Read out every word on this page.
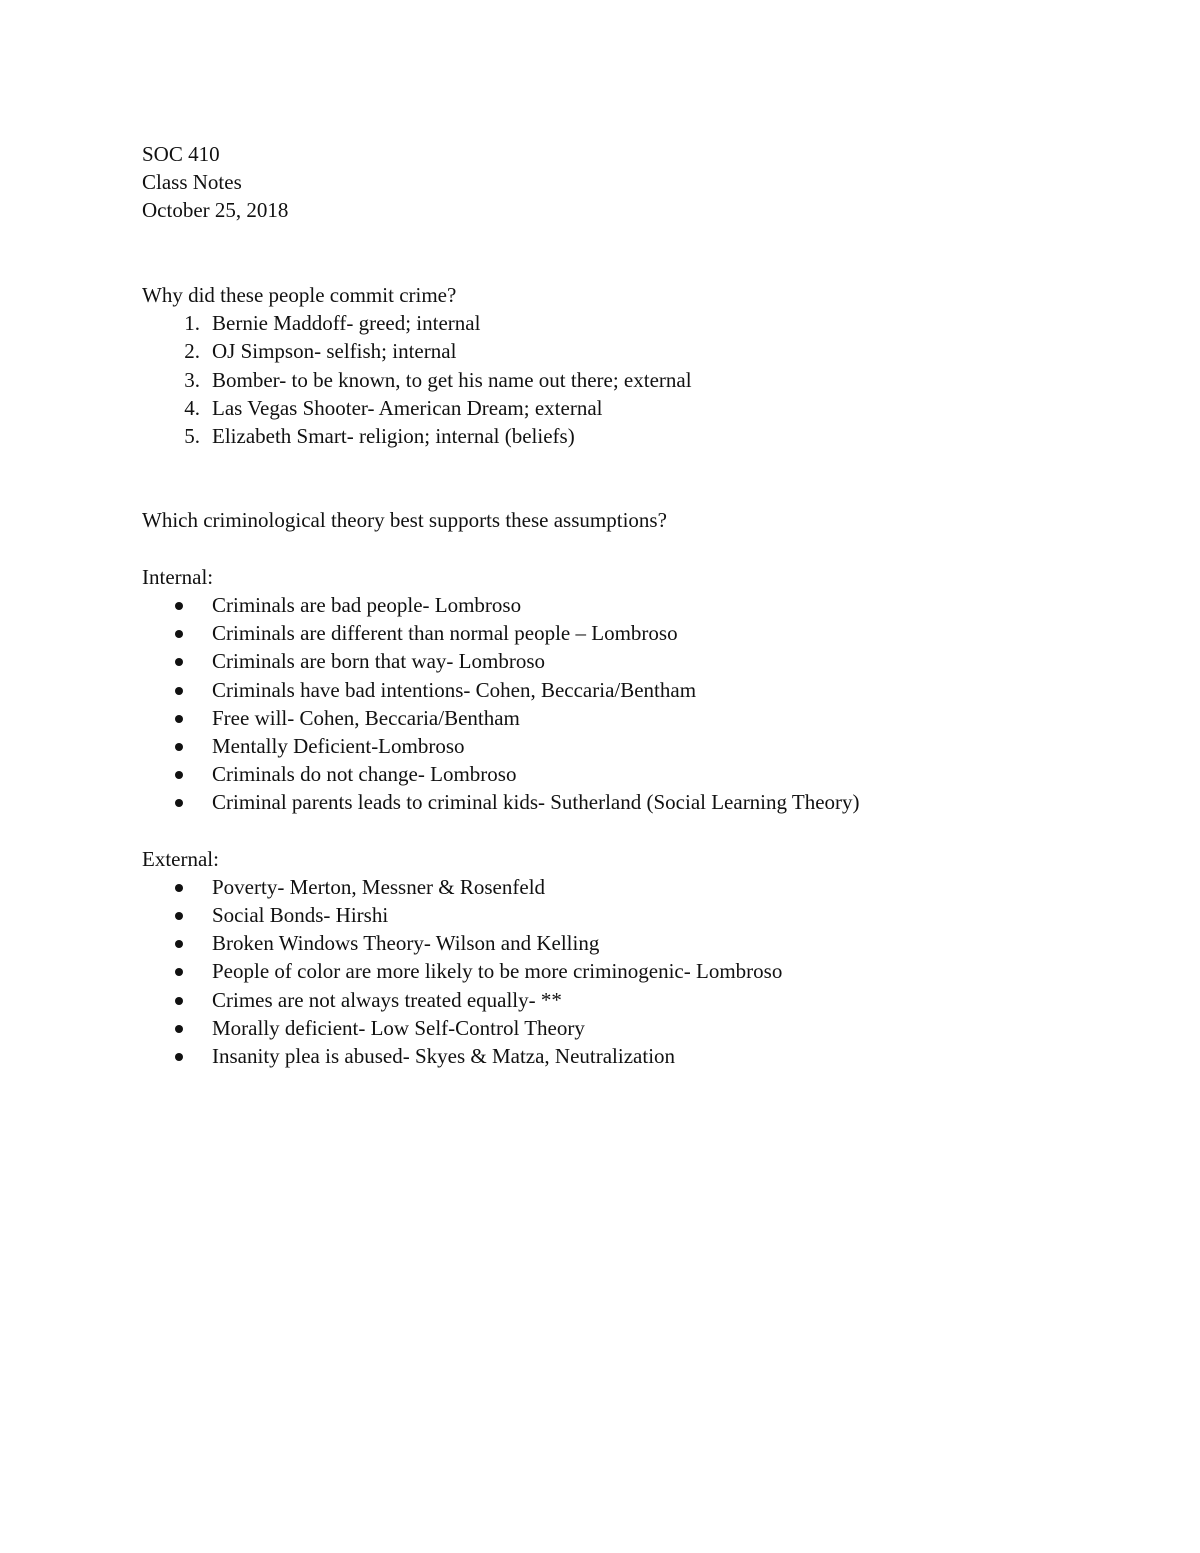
SOC 410
Class Notes
October 25, 2018
Why did these people commit crime?
1. Bernie Maddoff- greed; internal
2. OJ Simpson- selfish; internal
3. Bomber- to be known, to get his name out there; external
4. Las Vegas Shooter- American Dream; external
5. Elizabeth Smart- religion; internal (beliefs)
Which criminological theory best supports these assumptions?
Internal:
Criminals are bad people- Lombroso
Criminals are different than normal people – Lombroso
Criminals are born that way- Lombroso
Criminals have bad intentions- Cohen, Beccaria/Bentham
Free will- Cohen, Beccaria/Bentham
Mentally Deficient-Lombroso
Criminals do not change- Lombroso
Criminal parents leads to criminal kids- Sutherland (Social Learning Theory)
External:
Poverty- Merton, Messner & Rosenfeld
Social Bonds- Hirshi
Broken Windows Theory- Wilson and Kelling
People of color are more likely to be more criminogenic- Lombroso
Crimes are not always treated equally- **
Morally deficient- Low Self-Control Theory
Insanity plea is abused- Skyes & Matza, Neutralization
